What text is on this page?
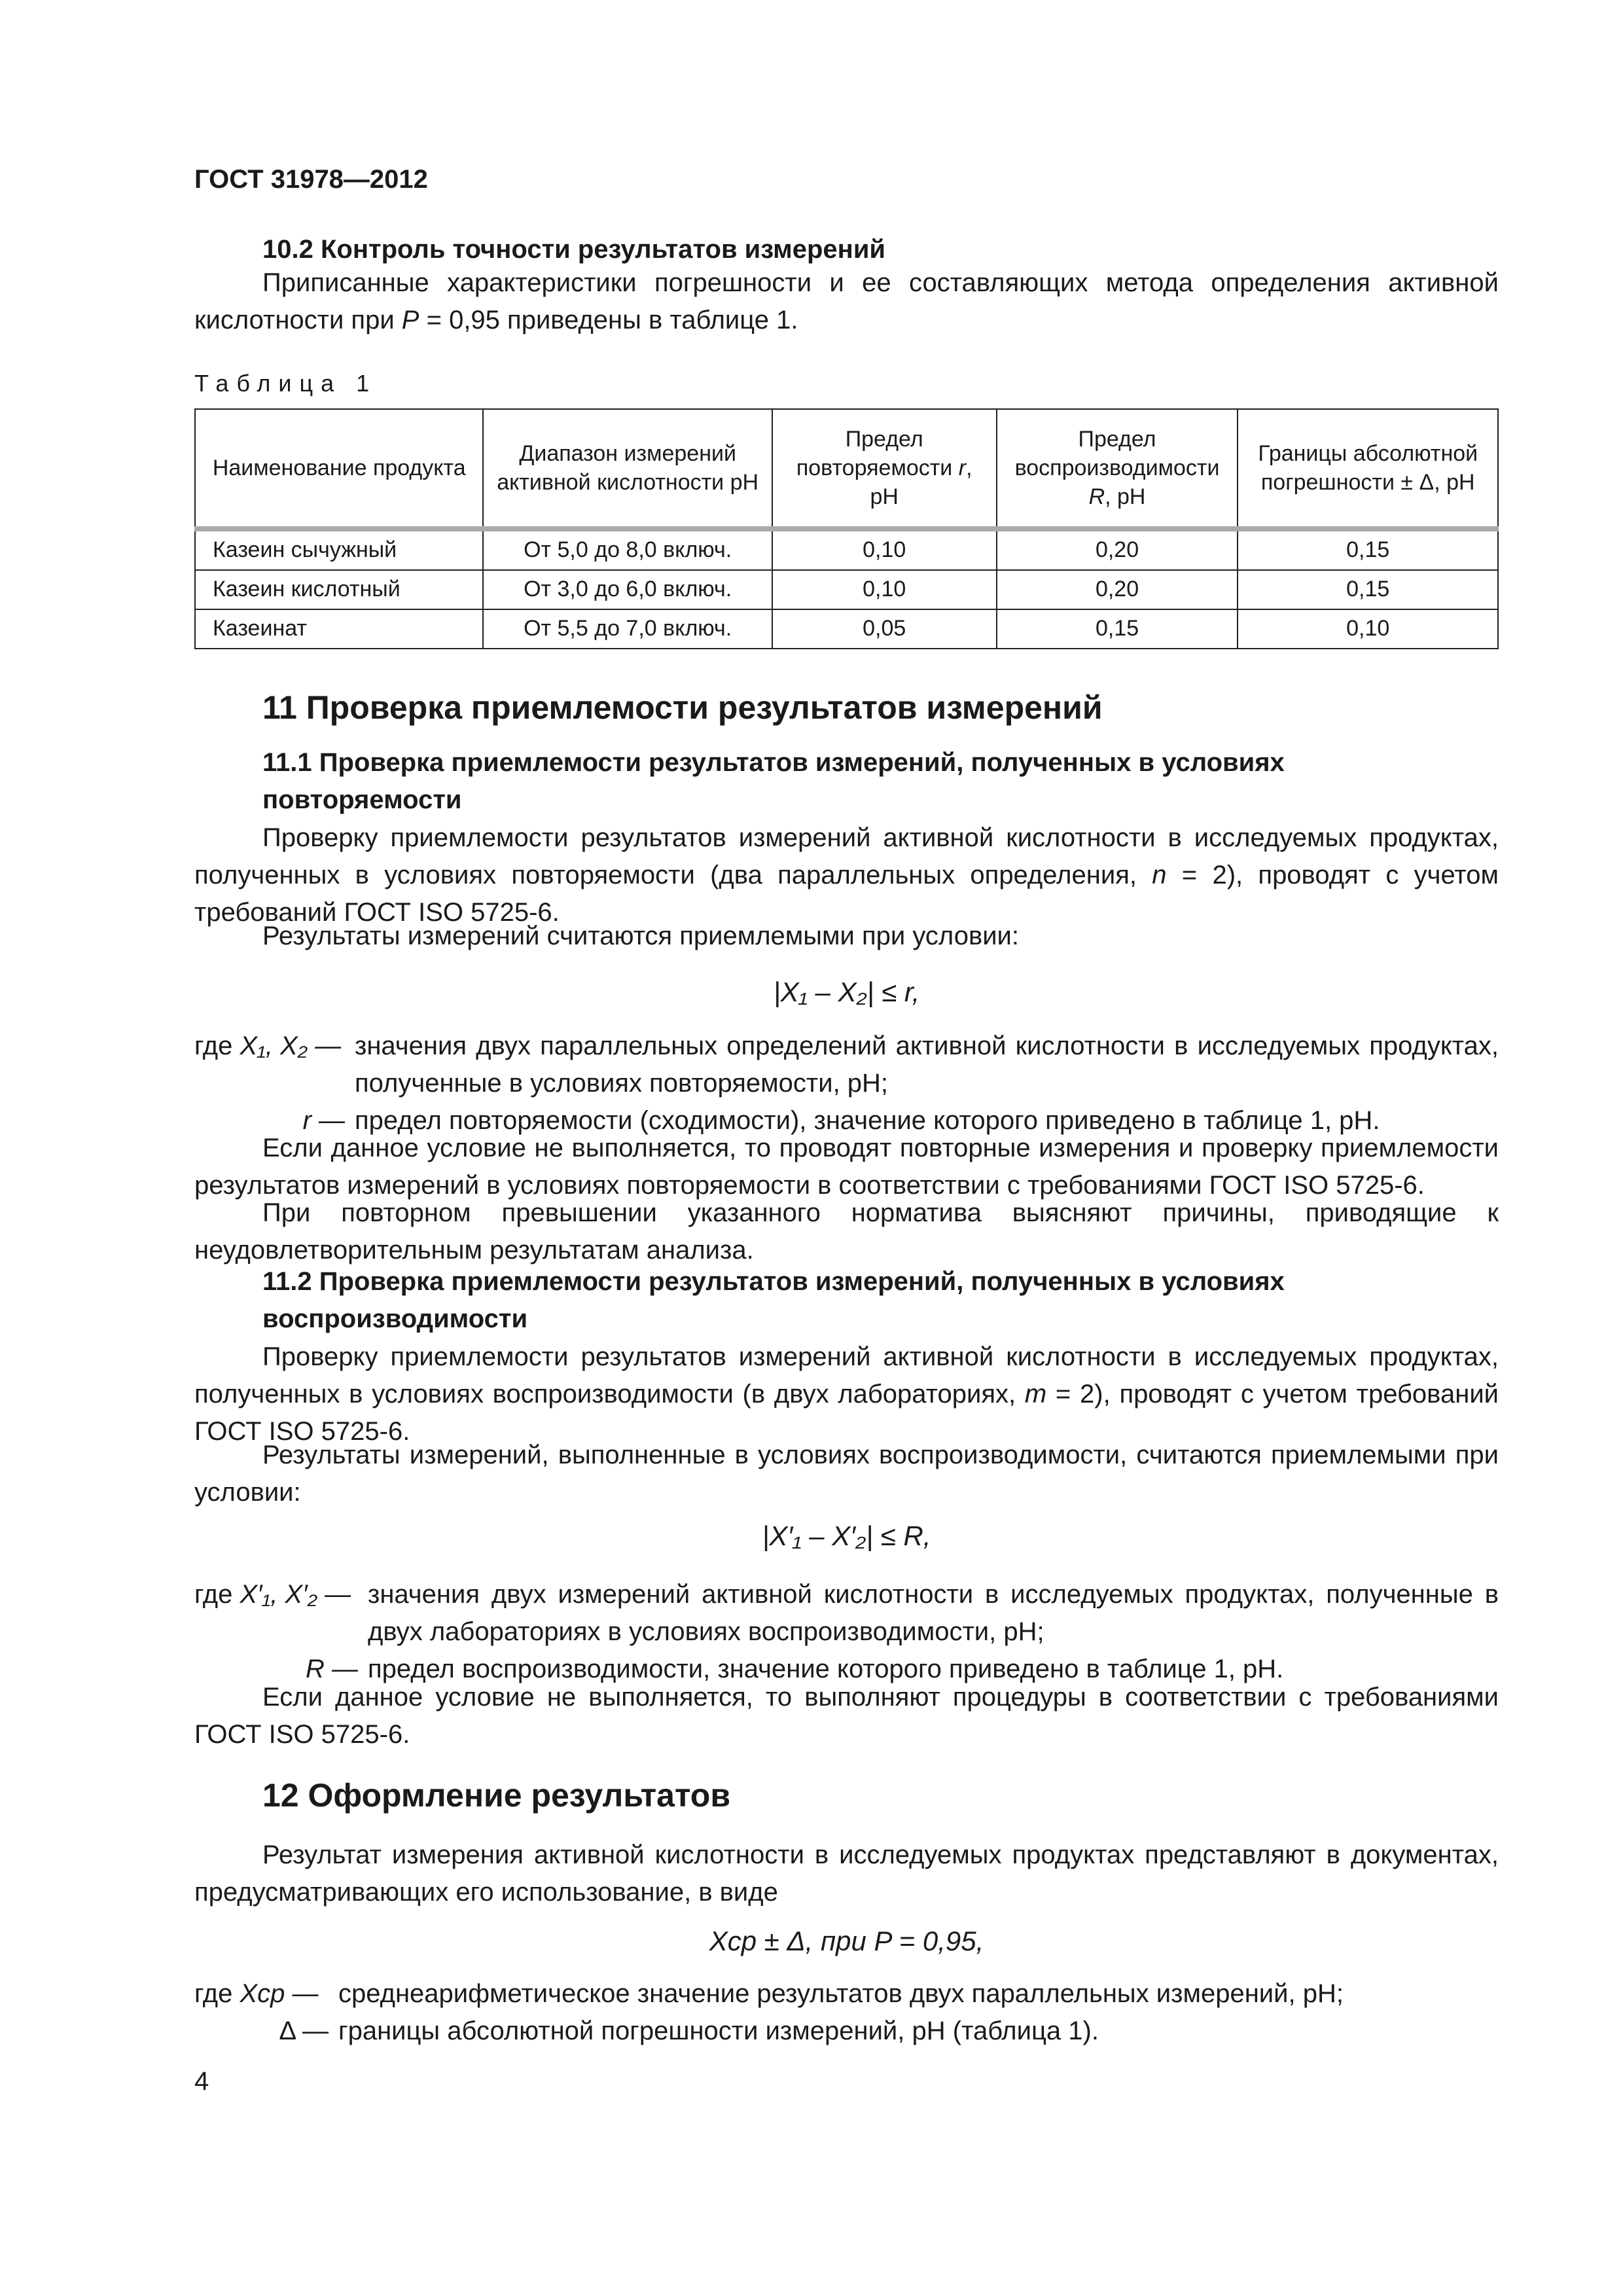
ГОСТ 31978—2012
10.2 Контроль точности результатов измерений

Приписанные характеристики погрешности и ее составляющих метода определения активной кислотности при P = 0,95 приведены в таблице 1.

Таблица 1
Наименование продукта	Диапазон измерений активной кислотности pH	Предел повторяемости r, pH	Предел воспроизводимости R, pH	Границы абсолютной погрешности ± Δ, pH
Казеин сычужный	От 5,0 до 8,0 включ.	0,10	0,20	0,15
Казеин кислотный	От 3,0 до 6,0 включ.	0,10	0,20	0,15
Казеинат	От 5,5 до 7,0 включ.	0,05	0,15	0,10
11 Проверка приемлемости результатов измерений
11.1 Проверка приемлемости результатов измерений, полученных в условиях повторяемости

Проверку приемлемости результатов измерений активной кислотности в исследуемых продуктах, полученных в условиях повторяемости (два параллельных определения, n = 2), проводят с учетом требований ГОСТ ISO 5725-6.

Результаты измерений считаются приемлемыми при условии:

|X₁ – X₂| ≤ r,
где X₁, X₂ — значения двух параллельных определений активной кислотности в исследуемых продуктах, полученные в условиях повторяемости, pH;
r — предел повторяемости (сходимости), значение которого приведено в таблице 1, pH.

Если данное условие не выполняется, то проводят повторные измерения и проверку приемлемости результатов измерений в условиях повторяемости в соответствии с требованиями ГОСТ ISO 5725-6.

При повторном превышении указанного норматива выясняют причины, приводящие к неудовлетворительным результатам анализа.

11.2 Проверка приемлемости результатов измерений, полученных в условиях воспроизводимости

Проверку приемлемости результатов измерений активной кислотности в исследуемых продуктах, полученных в условиях воспроизводимости (в двух лабораториях, m = 2), проводят с учетом требований ГОСТ ISO 5725-6.

Результаты измерений, выполненные в условиях воспроизводимости, считаются приемлемыми при условии:

|X′₁ – X′₂| ≤ R,
где X′₁, X′₂ — значения двух измерений активной кислотности в исследуемых продуктах, полученные в двух лабораториях в условиях воспроизводимости, pH;
R — предел воспроизводимости, значение которого приведено в таблице 1, pH.

Если данное условие не выполняется, то выполняют процедуры в соответствии с требованиями ГОСТ ISO 5725-6.

12 Оформление результатов

Результат измерения активной кислотности в исследуемых продуктах представляют в документах, предусматривающих его использование, в виде

Xср ± Δ, при P = 0,95,
где Xср — среднеарифметическое значение результатов двух параллельных измерений, pH;
Δ — границы абсолютной погрешности измерений, pH (таблица 1).
4
